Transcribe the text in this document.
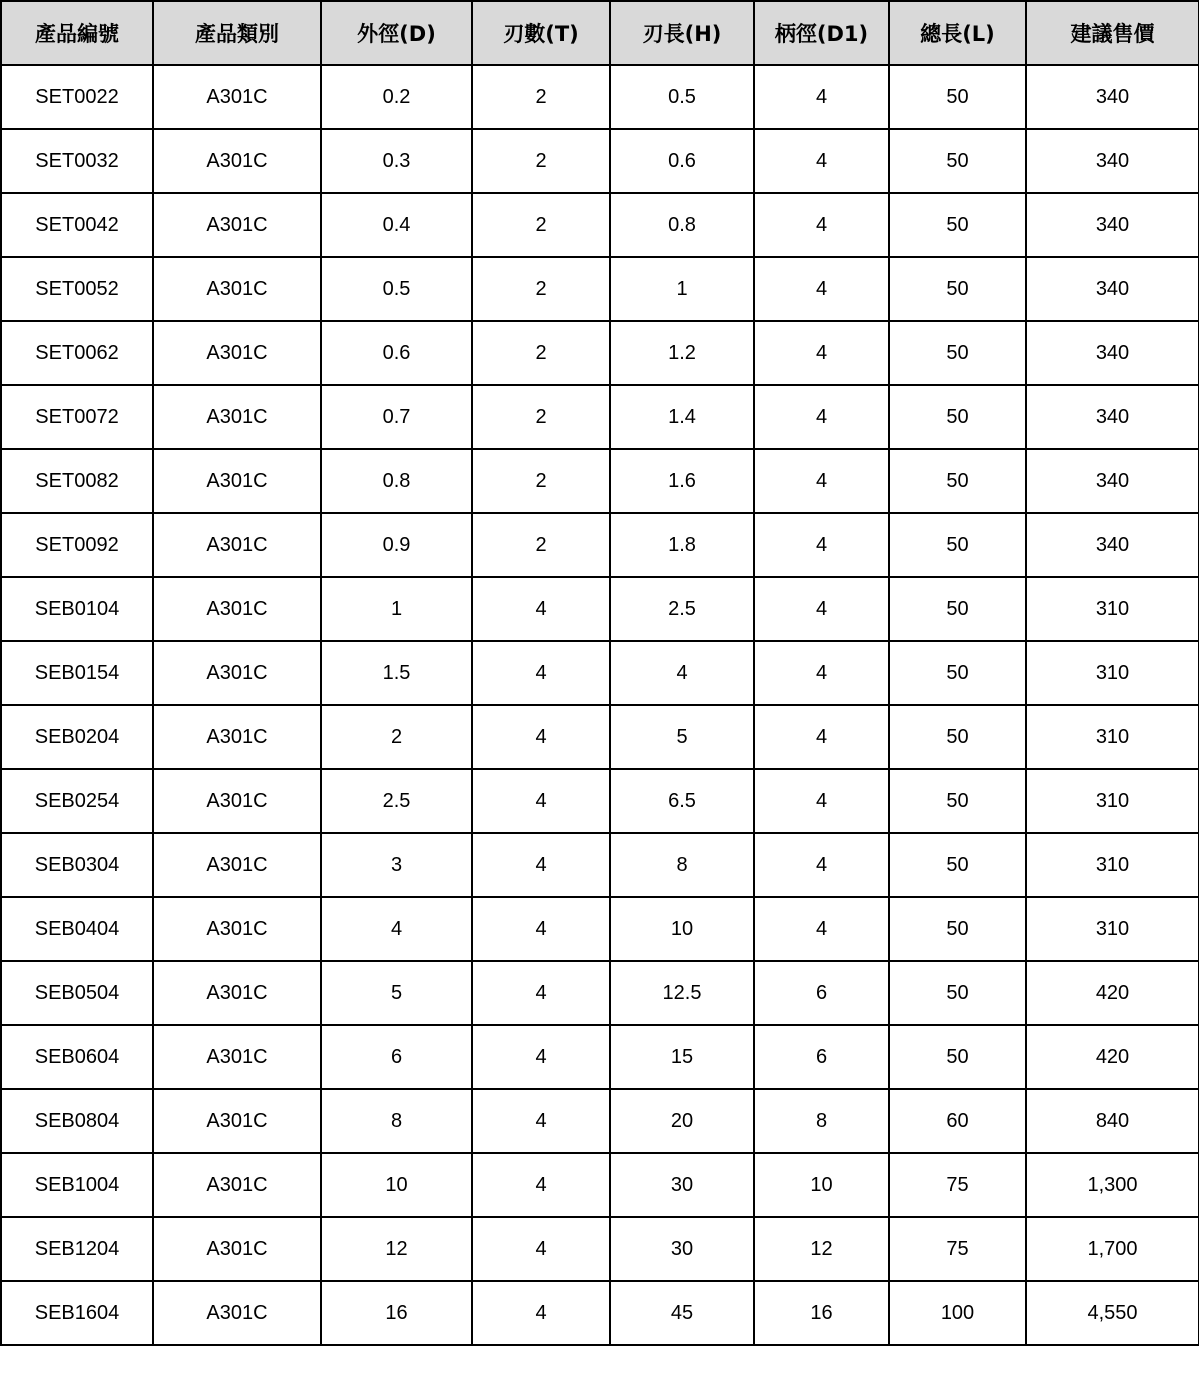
產品編號	產品類別	外徑(D)	刃數(T)	刃長(H)	柄徑(D1)	總長(L)	建議售價
SET0022	A301C	0.2	2	0.5	4	50	340
SET0032	A301C	0.3	2	0.6	4	50	340
SET0042	A301C	0.4	2	0.8	4	50	340
SET0052	A301C	0.5	2	1	4	50	340
SET0062	A301C	0.6	2	1.2	4	50	340
SET0072	A301C	0.7	2	1.4	4	50	340
SET0082	A301C	0.8	2	1.6	4	50	340
SET0092	A301C	0.9	2	1.8	4	50	340
SEB0104	A301C	1	4	2.5	4	50	310
SEB0154	A301C	1.5	4	4	4	50	310
SEB0204	A301C	2	4	5	4	50	310
SEB0254	A301C	2.5	4	6.5	4	50	310
SEB0304	A301C	3	4	8	4	50	310
SEB0404	A301C	4	4	10	4	50	310
SEB0504	A301C	5	4	12.5	6	50	420
SEB0604	A301C	6	4	15	6	50	420
SEB0804	A301C	8	4	20	8	60	840
SEB1004	A301C	10	4	30	10	75	1,300
SEB1204	A301C	12	4	30	12	75	1,700
SEB1604	A301C	16	4	45	16	100	4,550
